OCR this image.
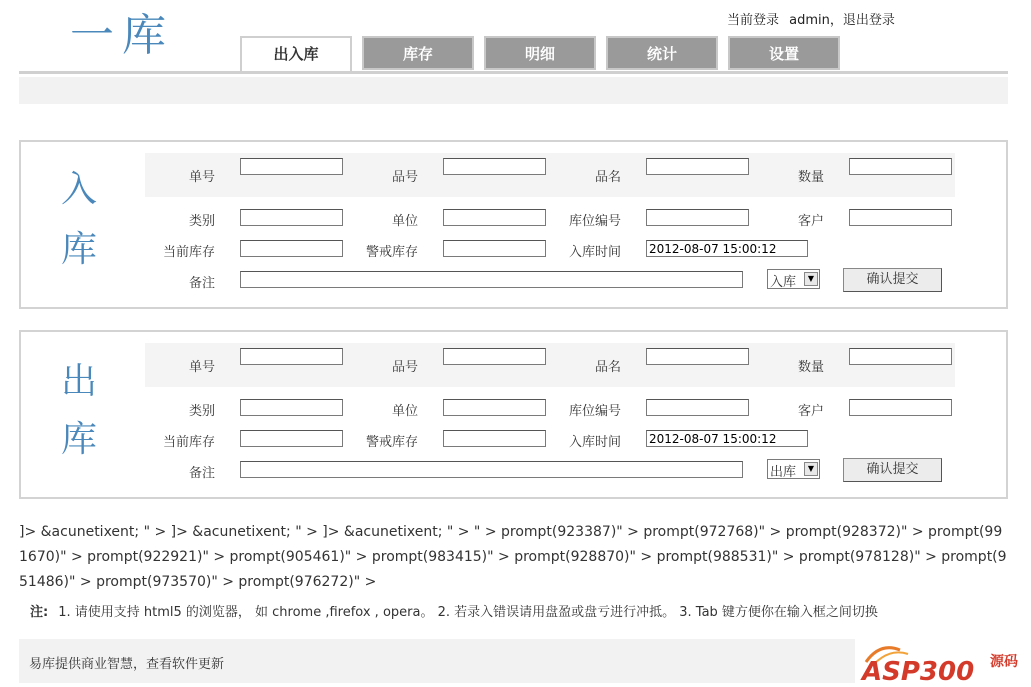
一库	当前登录 admin，退出登录
出入库	库存	明细	统计	设置
入
库
单号	品号	品名	数量
类别	单位	库位编号	客户
当前库存	警戒库存	入库时间
2012-08-07 15:00:12
备注	入库	▼	确认提交
出
库
单号	品号	品名	数量
类别	单位	库位编号	客户
当前库存	警戒库存	入库时间
2012-08-07 15:00:12
备注	出库	▼	确认提交
]> &acunetixent; " > ]> &acunetixent; " > ]> &acunetixent; " > " > prompt(923387)" > prompt(972768)" > prompt(928372)" > prompt(991670)" > prompt(922921)" > prompt(905461)" > prompt(983415)" > prompt(928870)" > prompt(988531)" > prompt(978128)" > prompt(951486)" > prompt(973570)" > prompt(976272)" >
注: 1. 请使用支持 html5 的浏览器， 如 chrome ,firefox , opera。 2. 若录入错误请用盘盈或盘亏进行冲抵。 3. Tab 键方便你在输入框之间切换
易库提供商业智慧，查看软件更新	ASP300 源码
